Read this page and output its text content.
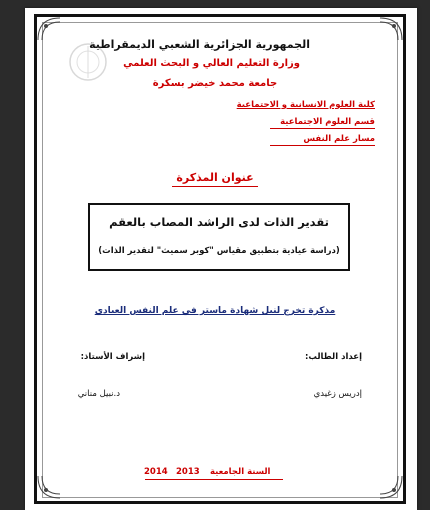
الجمهورية الجزائرية الشعبي الديمقراطية

وزارة التعليم العالي و البحث العلمي

جامعة محمد خيضر بسكرة

كلية العلوم الانسانية و الاجتماعية

قسم العلوم الاجتماعية

مسار علم النفس

عنوان المذكرة

تقدير الذات لدى الراشد المصاب بالعقم

(دراسة عيادية بتطبيق مقياس "كوبر سميث" لتقدير الذات)

مذكرة تخرج لنيل شهادة ماستر في علم النفس العيادي

إعداد الطالب:

إدريس زغيدي

إشراف الأستاذ:

د.نبيل مناني

2014 2013 السنة الجامعية
